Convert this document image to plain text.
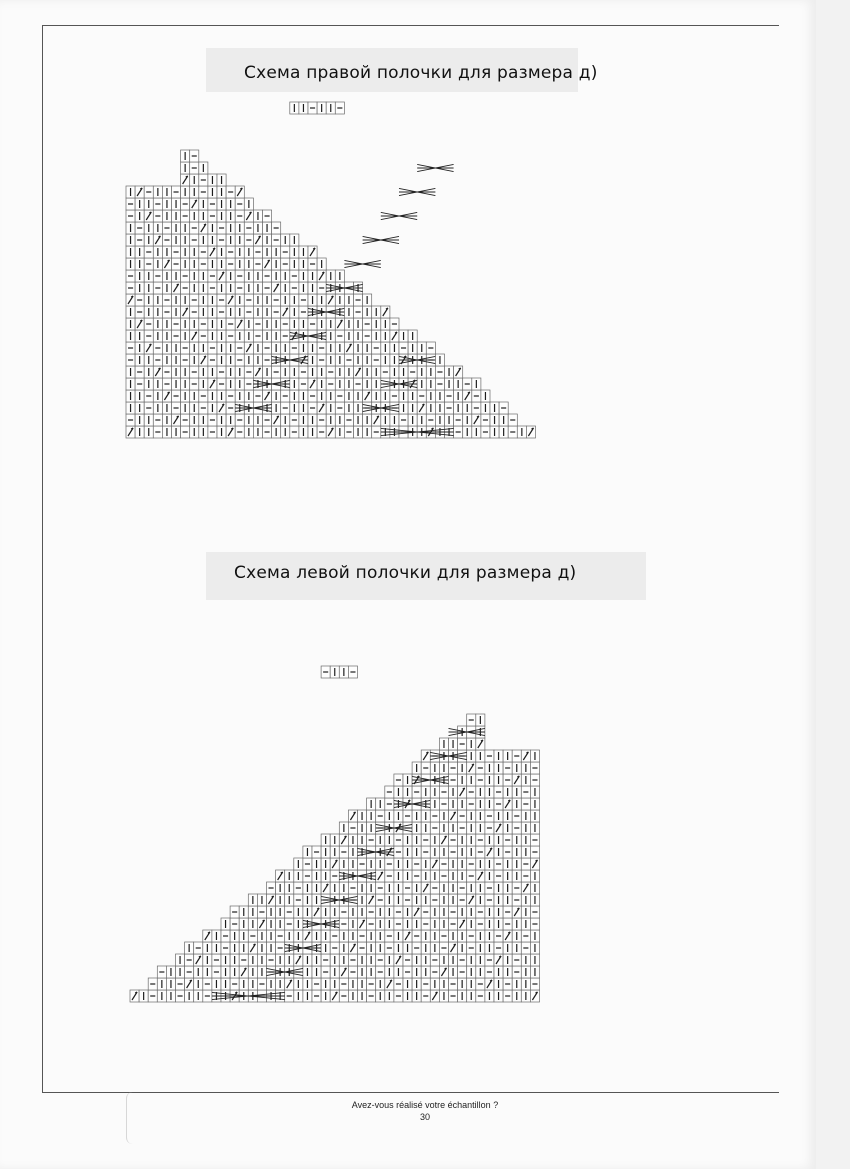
Схема правой полочки для размера д)
Схема левой полочки для размера д)
Avez-vous réalisé votre échantillon ?
30
